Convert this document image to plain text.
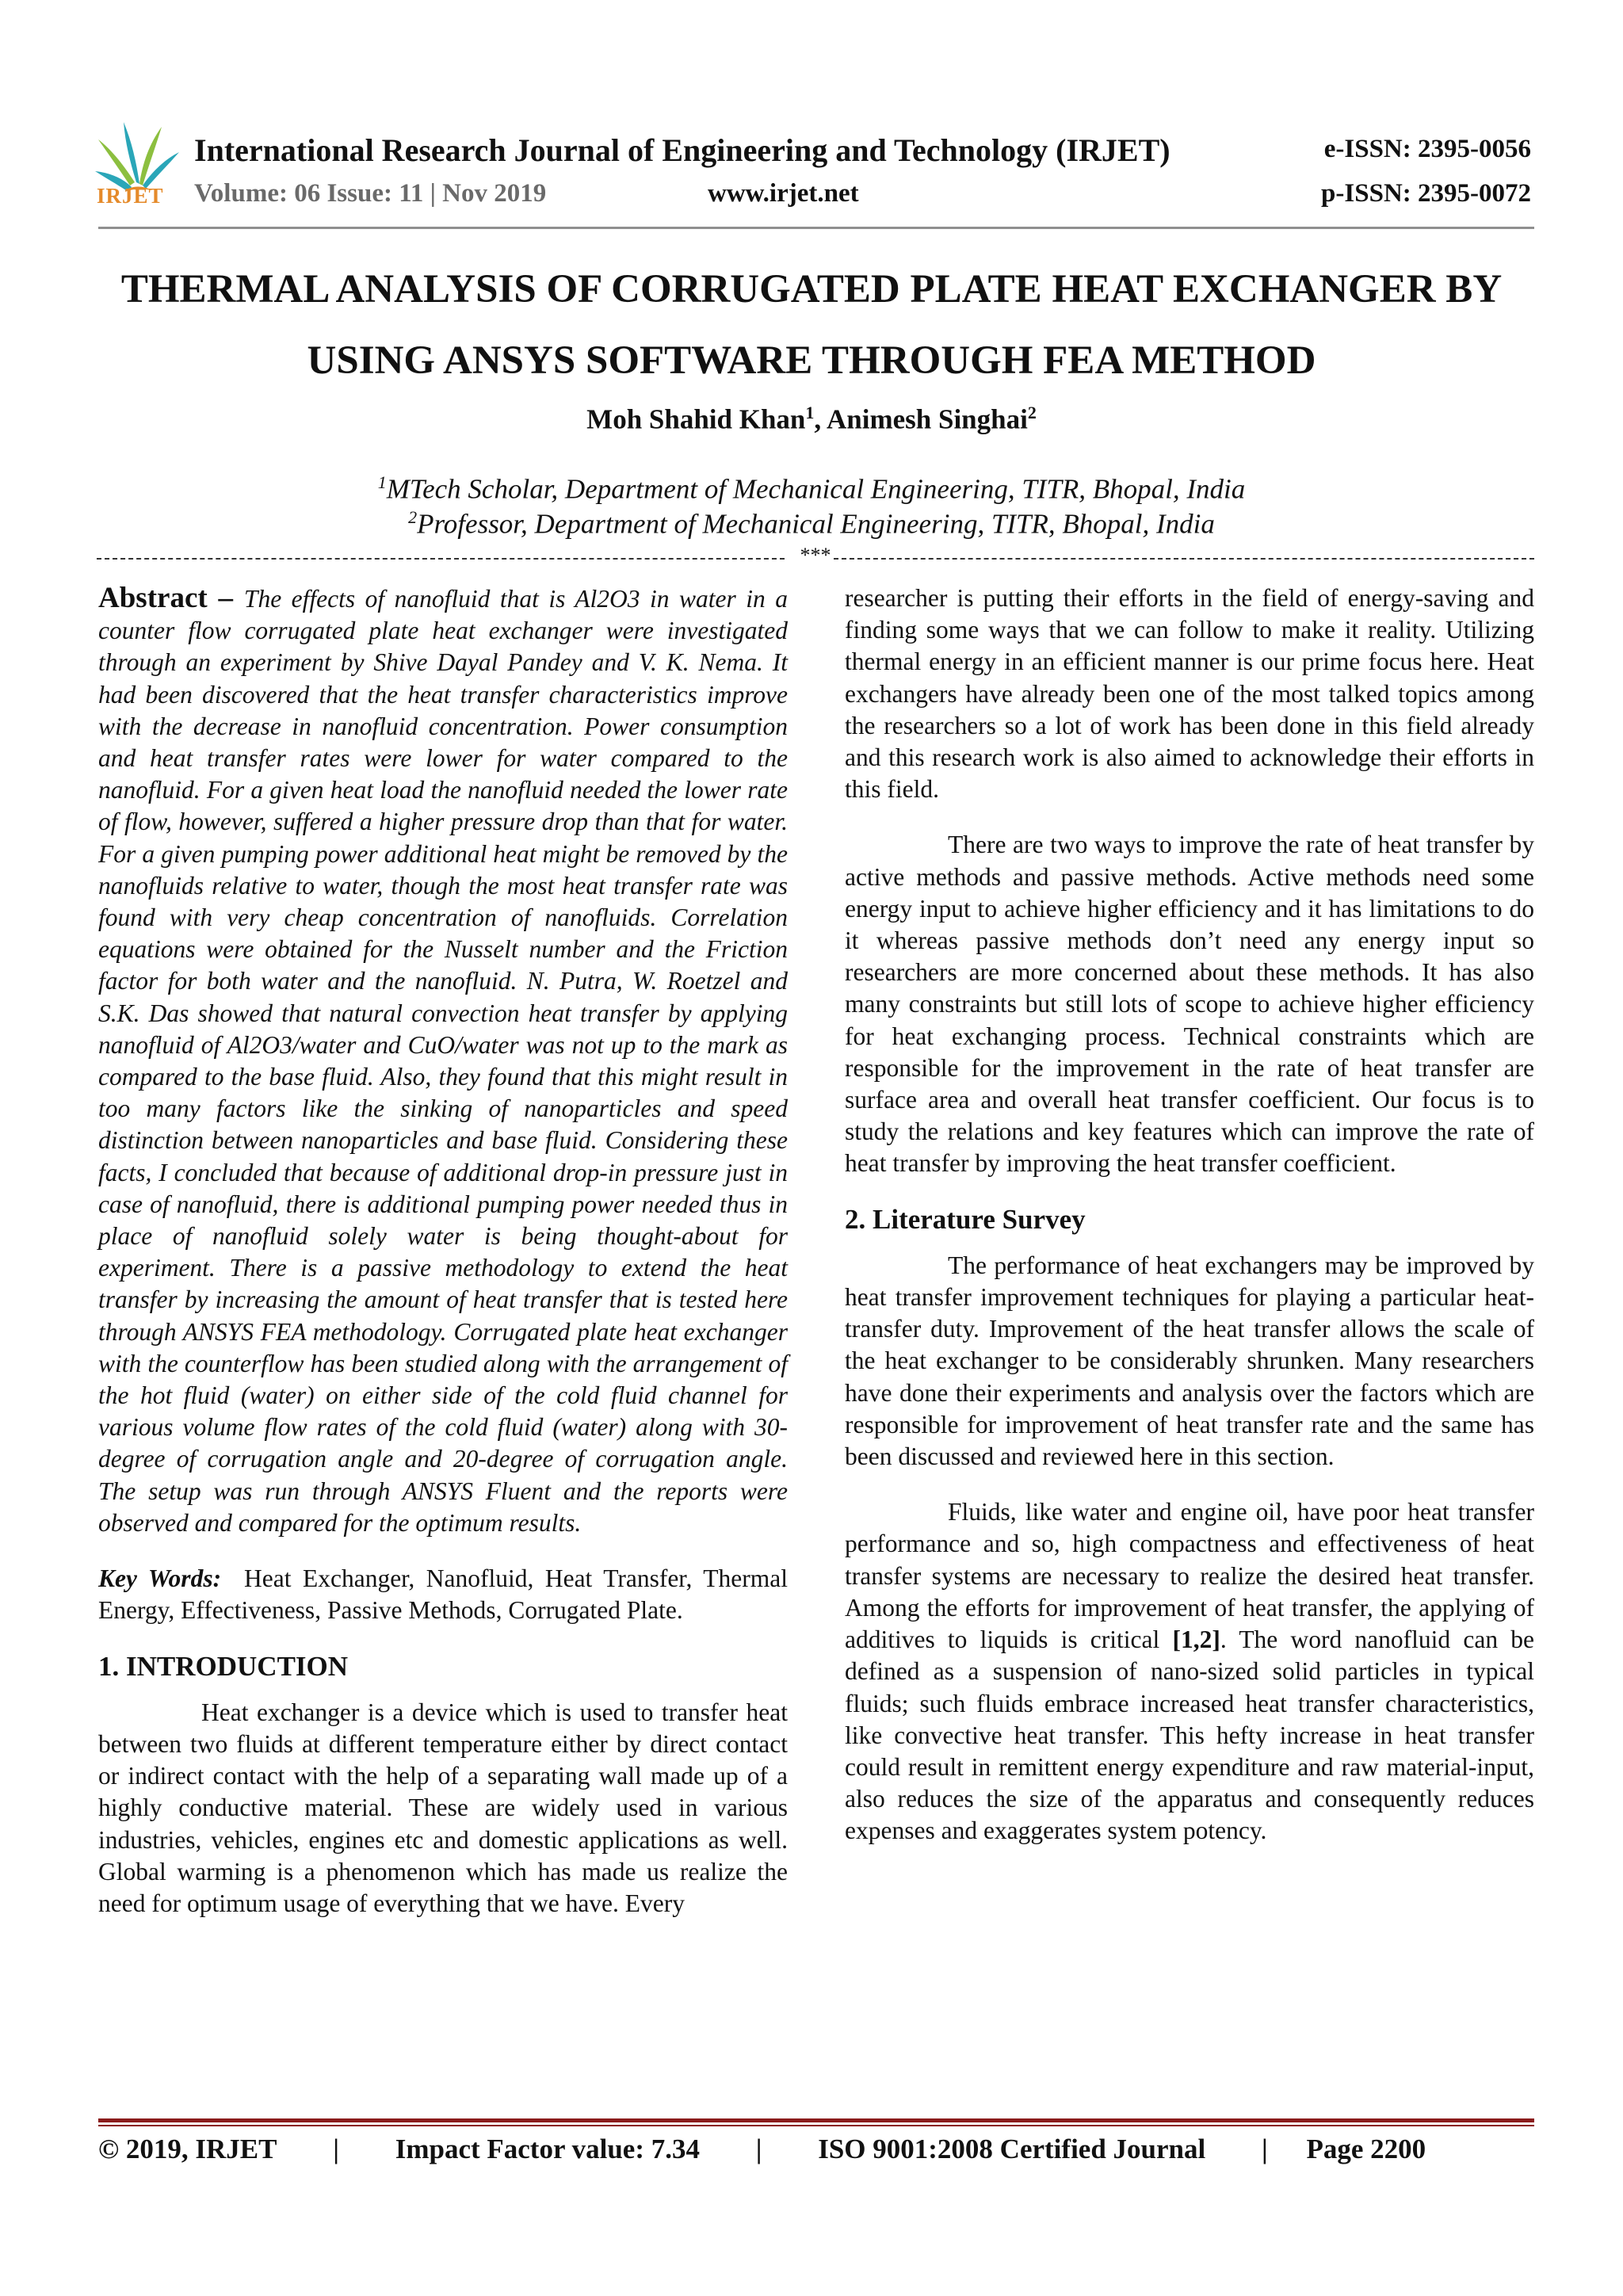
IRJET
International Research Journal of Engineering and Technology (IRJET)	e-ISSN: 2395-0056
Volume: 06 Issue: 11 | Nov 2019	www.irjet.net	p-ISSN: 2395-0072
THERMAL ANALYSIS OF CORRUGATED PLATE HEAT EXCHANGER BY
USING ANSYS SOFTWARE THROUGH FEA METHOD
Moh Shahid Khan$^1$, Animesh Singhai$^2$
$^1$MTech Scholar, Department of Mechanical Engineering, TITR, Bhopal, India
$^2$Professor, Department of Mechanical Engineering, TITR, Bhopal, India
***

Abstract – The effects of nanofluid that is Al2O3 in water in a counter flow corrugated plate heat exchanger were investigated through an experiment by Shive Dayal Pandey and V. K. Nema. It had been discovered that the heat transfer characteristics improve with the decrease in nanofluid concentration. Power consumption and heat transfer rates were lower for water compared to the nanofluid. For a given heat load the nanofluid needed the lower rate of flow, however, suffered a higher pressure drop than that for water. For a given pumping power additional heat might be removed by the nanofluids relative to water, though the most heat transfer rate was found with very cheap concentration of nanofluids. Correlation equations were obtained for the Nusselt number and the Friction factor for both water and the nanofluid. N. Putra, W. Roetzel and S.K. Das showed that natural convection heat transfer by applying nanofluid of Al2O3/water and CuO/water was not up to the mark as compared to the base fluid. Also, they found that this might result in too many factors like the sinking of nanoparticles and speed distinction between nanoparticles and base fluid. Considering these facts, I concluded that because of additional drop-in pressure just in case of nanofluid, there is additional pumping power needed thus in place of nanofluid solely water is being thought-about for experiment. There is a passive methodology to extend the heat transfer by increasing the amount of heat transfer that is tested here through ANSYS FEA methodology. Corrugated plate heat exchanger with the counterflow has been studied along with the arrangement of the hot fluid (water) on either side of the cold fluid channel for various volume flow rates of the cold fluid (water) along with 30-degree of corrugation angle and 20-degree of corrugation angle. The setup was run through ANSYS Fluent and the reports were observed and compared for the optimum results.

Key Words: Heat Exchanger, Nanofluid, Heat Transfer, Thermal Energy, Effectiveness, Passive Methods, Corrugated Plate.

1. INTRODUCTION

Heat exchanger is a device which is used to transfer heat between two fluids at different temperature either by direct contact or indirect contact with the help of a separating wall made up of a highly conductive material. These are widely used in various industries, vehicles, engines etc and domestic applications as well. Global warming is a phenomenon which has made us realize the need for optimum usage of everything that we have. Every

researcher is putting their efforts in the field of energy-saving and finding some ways that we can follow to make it reality. Utilizing thermal energy in an efficient manner is our prime focus here. Heat exchangers have already been one of the most talked topics among the researchers so a lot of work has been done in this field already and this research work is also aimed to acknowledge their efforts in this field.

There are two ways to improve the rate of heat transfer by active methods and passive methods. Active methods need some energy input to achieve higher efficiency and it has limitations to do it whereas passive methods don’t need any energy input so researchers are more concerned about these methods. It has also many constraints but still lots of scope to achieve higher efficiency for heat exchanging process. Technical constraints which are responsible for the improvement in the rate of heat transfer are surface area and overall heat transfer coefficient. Our focus is to study the relations and key features which can improve the rate of heat transfer by improving the heat transfer coefficient.

2. Literature Survey

The performance of heat exchangers may be improved by heat transfer improvement techniques for playing a particular heat-transfer duty. Improvement of the heat transfer allows the scale of the heat exchanger to be considerably shrunken. Many researchers have done their experiments and analysis over the factors which are responsible for improvement of heat transfer rate and the same has been discussed and reviewed here in this section.

Fluids, like water and engine oil, have poor heat transfer performance and so, high compactness and effectiveness of heat transfer systems are necessary to realize the desired heat transfer. Among the efforts for improvement of heat transfer, the applying of additives to liquids is critical [1,2]. The word nanofluid can be defined as a suspension of nano-sized solid particles in typical fluids; such fluids embrace increased heat transfer characteristics, like convective heat transfer. This hefty increase in heat transfer could result in remittent energy expenditure and raw material-input, also reduces the size of the apparatus and consequently reduces expenses and exaggerates system potency.

© 2019, IRJET | Impact Factor value: 7.34 | ISO 9001:2008 Certified Journal | Page 2200
